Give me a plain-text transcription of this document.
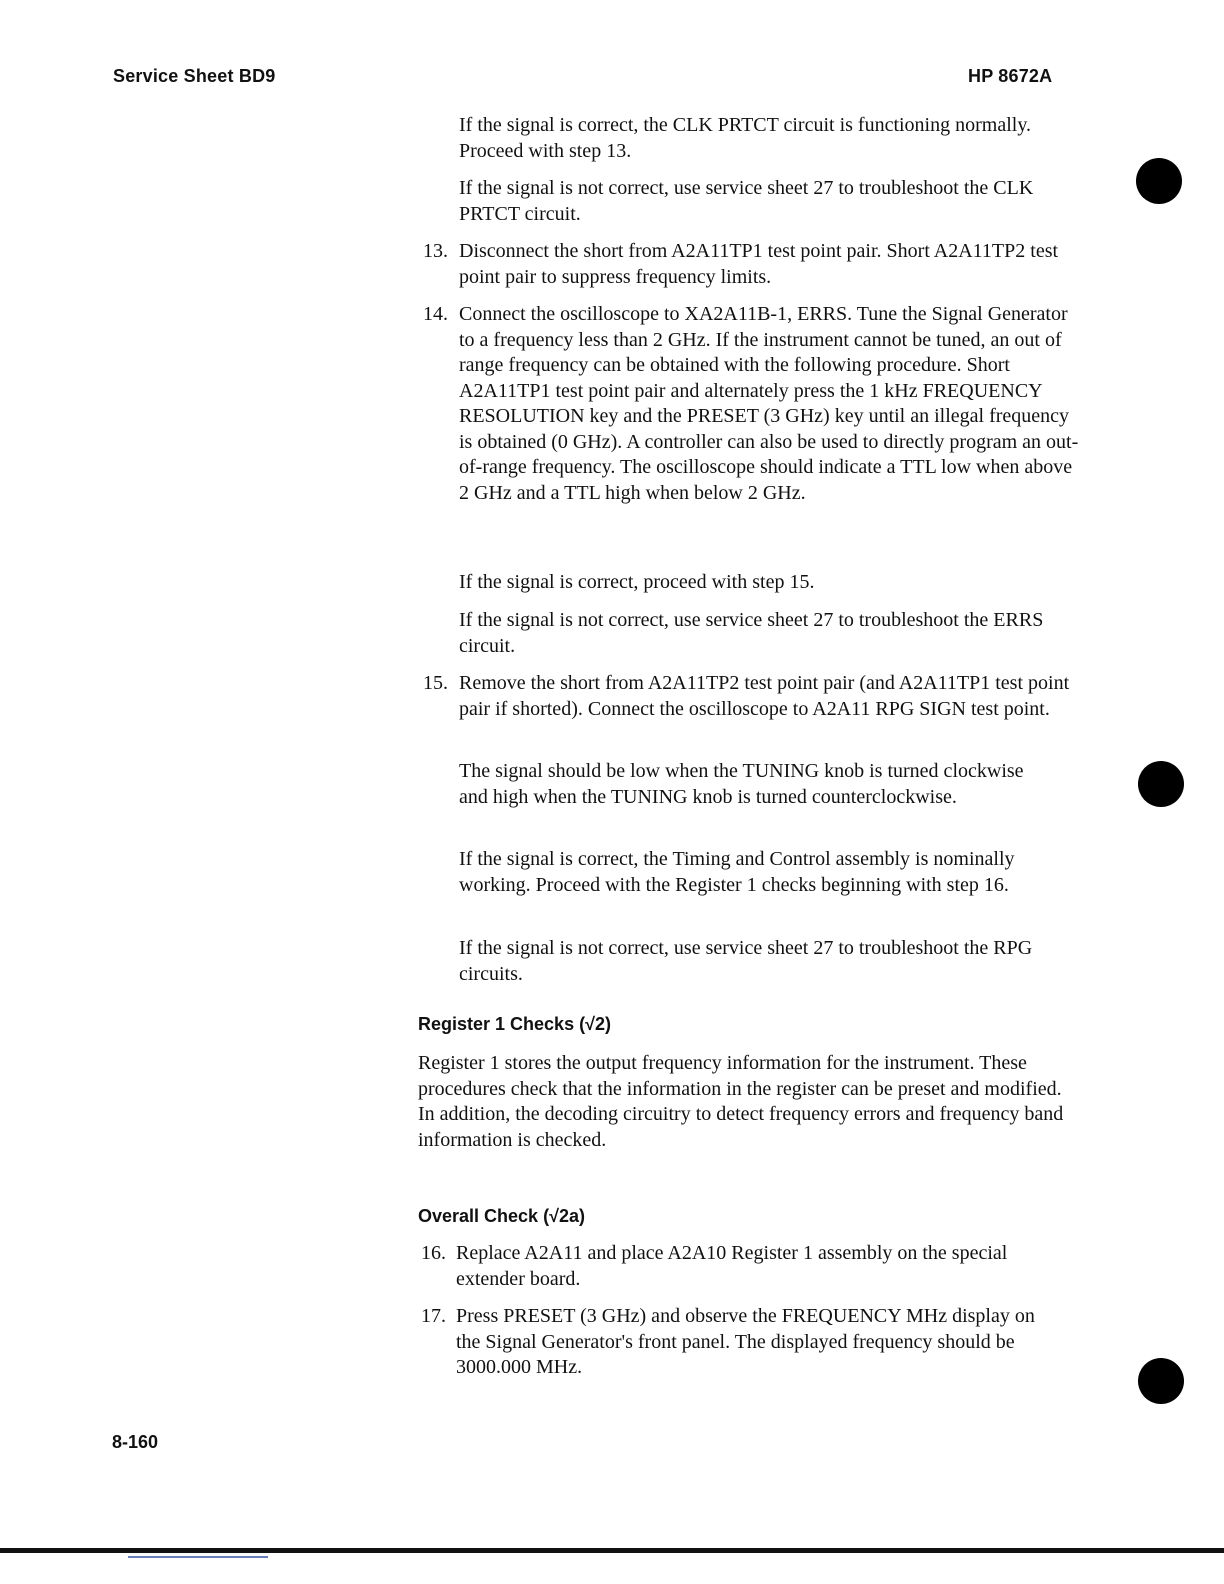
Service Sheet BD9	HP 8672A

If the signal is correct, the CLK PRTCT circuit is functioning normally. Proceed with step 13.

If the signal is not correct, use service sheet 27 to troubleshoot the CLK PRTCT circuit.

13. Disconnect the short from A2A11TP1 test point pair. Short A2A11TP2 test point pair to suppress frequency limits.

14. Connect the oscilloscope to XA2A11B-1, ERRS. Tune the Signal Generator to a frequency less than 2 GHz. If the instrument cannot be tuned, an out of range frequency can be obtained with the following procedure. Short A2A11TP1 test point pair and alternately press the 1 kHz FREQUENCY RESOLUTION key and the PRESET (3 GHz) key until an illegal frequency is obtained (0 GHz). A controller can also be used to directly program an out-of-range frequency. The oscilloscope should indicate a TTL low when above 2 GHz and a TTL high when below 2 GHz.

If the signal is correct, proceed with step 15.

If the signal is not correct, use service sheet 27 to troubleshoot the ERRS circuit.

15. Remove the short from A2A11TP2 test point pair (and A2A11TP1 test point pair if shorted). Connect the oscilloscope to A2A11 RPG SIGN test point.

The signal should be low when the TUNING knob is turned clockwise and high when the TUNING knob is turned counterclockwise.

If the signal is correct, the Timing and Control assembly is nominally working. Proceed with the Register 1 checks beginning with step 16.

If the signal is not correct, use service sheet 27 to troubleshoot the RPG circuits.

Register 1 Checks (√2)

Register 1 stores the output frequency information for the instrument. These procedures check that the information in the register can be preset and modified. In addition, the decoding circuitry to detect frequency errors and frequency band information is checked.

Overall Check (√2a)
16. Replace A2A11 and place A2A10 Register 1 assembly on the special extender board.

17. Press PRESET (3 GHz) and observe the FREQUENCY MHz display on the Signal Generator's front panel. The displayed frequency should be 3000.000 MHz.

8-160
